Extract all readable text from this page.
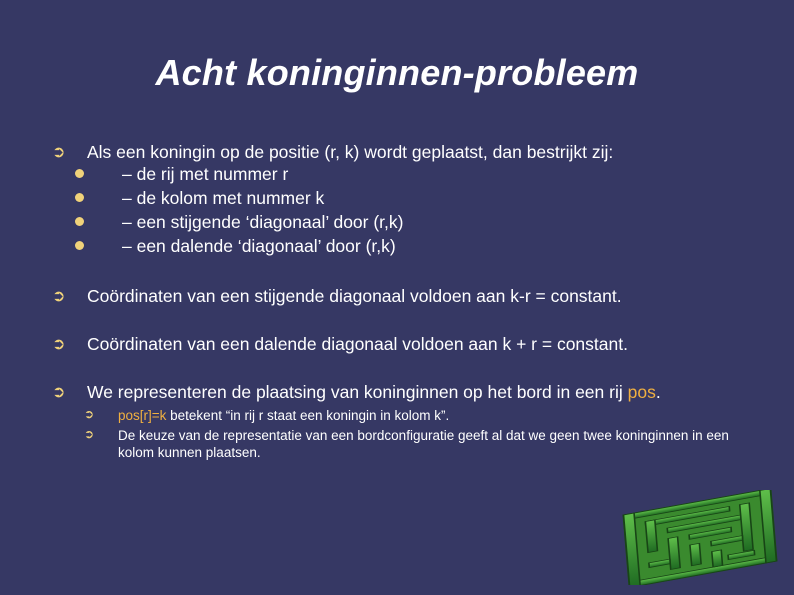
Acht koninginnen-probleem
➲ Als een koningin op de positie (r, k) wordt geplaatst, dan bestrijkt zij:
– de rij met nummer r
– de kolom met nummer k
– een stijgende ‘diagonaal’ door (r,k)
– een dalende ‘diagonaal’ door (r,k)
➲ Coördinaten van een stijgende diagonaal voldoen aan k-r = constant.
➲ Coördinaten van een dalende diagonaal voldoen aan k + r = constant.
➲ We representeren de plaatsing van koninginnen op het bord in een rij pos.
➲ pos[r]=k betekent “in rij r staat een koningin in kolom k”.
➲ De keuze van de representatie van een bordconfiguratie geeft al dat we geen twee koninginnen in een kolom kunnen plaatsen.
